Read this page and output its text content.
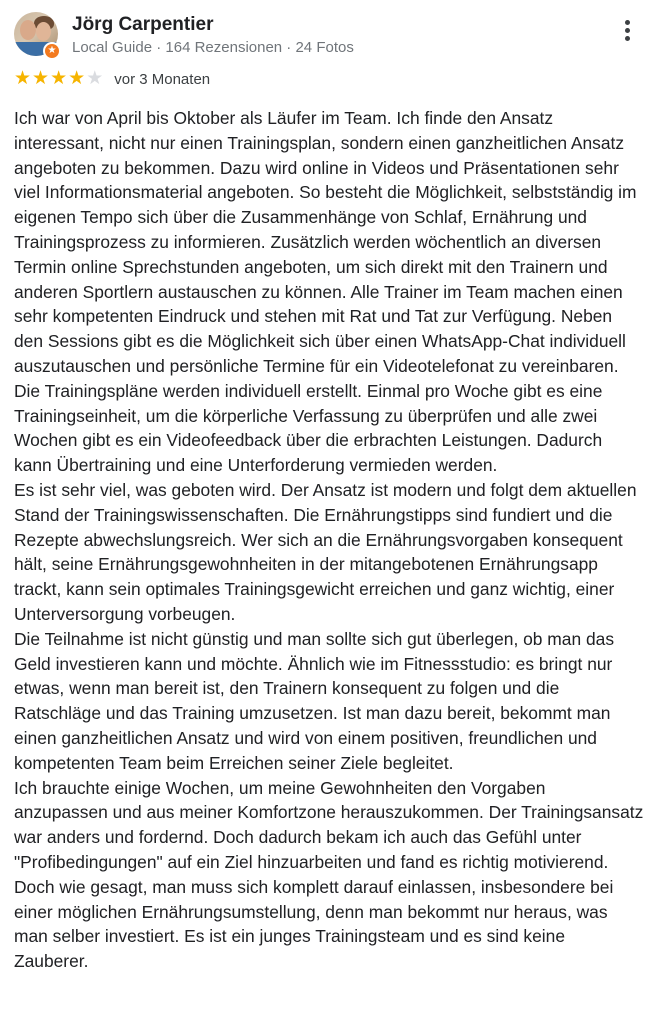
★
Jörg Carpentier
Local Guide · 164 Rezensionen · 24 Fotos
★ ★ ★ ★ ★ vor 3 Monaten

Ich war von April bis Oktober als Läufer im Team. Ich finde den Ansatz interessant, nicht nur einen Trainingsplan, sondern einen ganzheitlichen Ansatz angeboten zu bekommen. Dazu wird online in Videos und Präsentationen sehr viel Informationsmaterial angeboten. So besteht die Möglichkeit, selbstständig im eigenen Tempo sich über die Zusammenhänge von Schlaf, Ernährung und Trainingsprozess zu informieren. Zusätzlich werden wöchentlich an diversen Termin online Sprechstunden angeboten, um sich direkt mit den Trainern und anderen Sportlern austauschen zu können. Alle Trainer im Team machen einen sehr kompetenten Eindruck und stehen mit Rat und Tat zur Verfügung. Neben den Sessions gibt es die Möglichkeit sich über einen WhatsApp-Chat individuell auszutauschen und persönliche Termine für ein Videotelefonat zu vereinbaren.

Die Trainingspläne werden individuell erstellt. Einmal pro Woche gibt es eine Trainingseinheit, um die körperliche Verfassung zu überprüfen und alle zwei Wochen gibt es ein Videofeedback über die erbrachten Leistungen. Dadurch kann Übertraining und eine Unterforderung vermieden werden.

Es ist sehr viel, was geboten wird. Der Ansatz ist modern und folgt dem aktuellen Stand der Trainingswissenschaften. Die Ernährungstipps sind fundiert und die Rezepte abwechslungsreich. Wer sich an die Ernährungsvorgaben konsequent hält, seine Ernährungsgewohnheiten in der mitangebotenen Ernährungsapp trackt, kann sein optimales Trainingsgewicht erreichen und ganz wichtig, einer Unterversorgung vorbeugen.

Die Teilnahme ist nicht günstig und man sollte sich gut überlegen, ob man das Geld investieren kann und möchte. Ähnlich wie im Fitnessstudio: es bringt nur etwas, wenn man bereit ist, den Trainern konsequent zu folgen und die Ratschläge und das Training umzusetzen. Ist man dazu bereit, bekommt man einen ganzheitlichen Ansatz und wird von einem positiven, freundlichen und kompetenten Team beim Erreichen seiner Ziele begleitet.

Ich brauchte einige Wochen, um meine Gewohnheiten den Vorgaben anzupassen und aus meiner Komfortzone herauszukommen. Der Trainingsansatz war anders und fordernd. Doch dadurch bekam ich auch das Gefühl unter "Profibedingungen" auf ein Ziel hinzuarbeiten und fand es richtig motivierend. Doch wie gesagt, man muss sich komplett darauf einlassen, insbesondere bei einer möglichen Ernährungsumstellung, denn man bekommt nur heraus, was man selber investiert. Es ist ein junges Trainingsteam und es sind keine Zauberer.
